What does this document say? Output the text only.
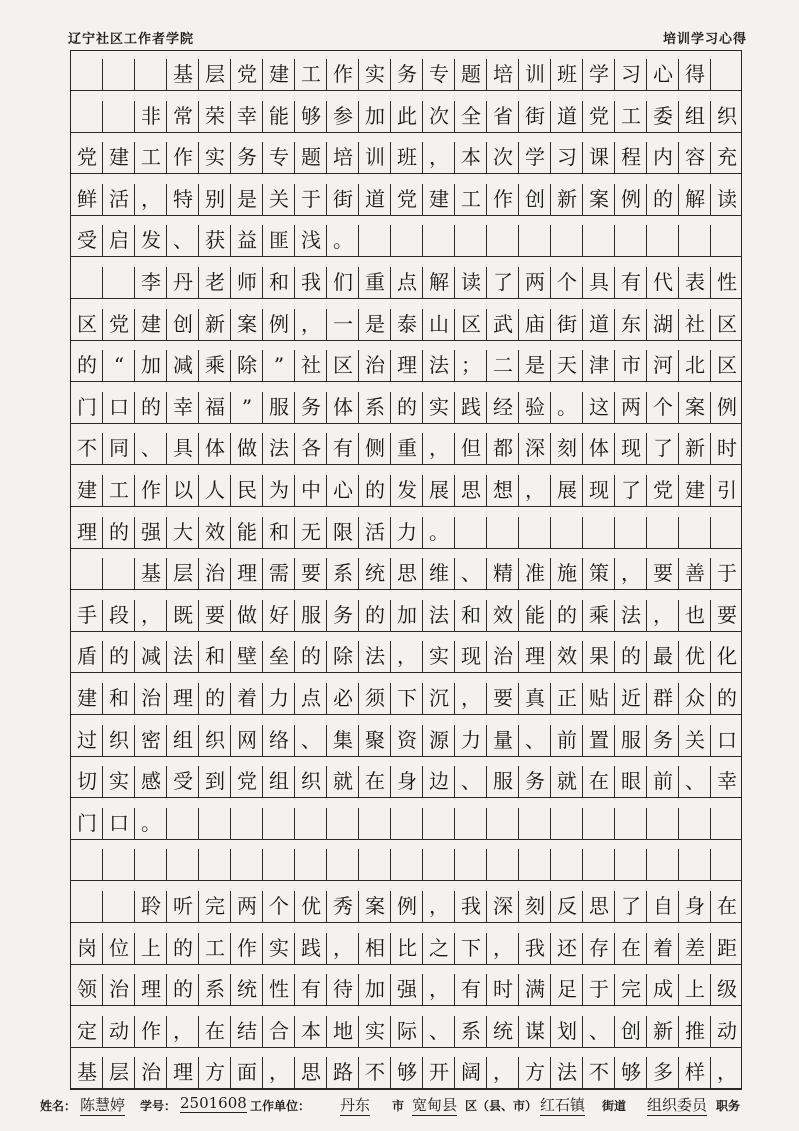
辽宁社区工作者学院	培训学习心得
基 层 党 建 工 作 实 务 专 题 培 训 班 学 习 心 得
非 常 荣 幸 能 够 参 加 此 次 全 省 街 道 党 工 委 组 织
党 建 工 作 实 务 专 题 培 训 班 ， 本 次 学 习 课 程 内 容 充
鲜 活 ， 特 别 是 关 于 街 道 党 建 工 作 创 新 案 例 的 解 读
受 启 发 、 获 益 匪 浅 。
李 丹 老 师 和 我 们 重 点 解 读 了 两 个 具 有 代 表 性
区 党 建 创 新 案 例 ， 一 是 泰 山 区 武 庙 街 道 东 湖 社 区
的 “ 加 减 乘 除 ” 社 区 治 理 法 ； 二 是 天 津 市 河 北 区
门 口 的 幸 福 ” 服 务 体 系 的 实 践 经 验 。 这 两 个 案 例
不 同 、 具 体 做 法 各 有 侧 重 ， 但 都 深 刻 体 现 了 新 时
建 工 作 以 人 民 为 中 心 的 发 展 思 想 ， 展 现 了 党 建 引
理 的 强 大 效 能 和 无 限 活 力 。
基 层 治 理 需 要 系 统 思 维 、 精 准 施 策 ， 要 善 于
手 段 ， 既 要 做 好 服 务 的 加 法 和 效 能 的 乘 法 ， 也 要
盾 的 减 法 和 壁 垒 的 除 法 ， 实 现 治 理 效 果 的 最 优 化
建 和 治 理 的 着 力 点 必 须 下 沉 ， 要 真 正 贴 近 群 众 的
过 织 密 组 织 网 络 、 集 聚 资 源 力 量 、 前 置 服 务 关 口
切 实 感 受 到 党 组 织 就 在 身 边 、 服 务 就 在 眼 前 、 幸
门 口 。
聆 听 完 两 个 优 秀 案 例 ， 我 深 刻 反 思 了 自 身 在
岗 位 上 的 工 作 实 践 ， 相 比 之 下 ， 我 还 存 在 着 差 距
领 治 理 的 系 统 性 有 待 加 强 ， 有 时 满 足 于 完 成 上 级
定 动 作 ， 在 结 合 本 地 实 际 、 系 统 谋 划 、 创 新 推 动
基 层 治 理 方 面 ， 思 路 不 够 开 阔 ， 方 法 不 够 多 样 ，
姓名： 陈慧婷 学号： 2501608 工作单位： 丹东 市 宽甸县 区（县、市） 红石镇 街道 组织委员 职务
